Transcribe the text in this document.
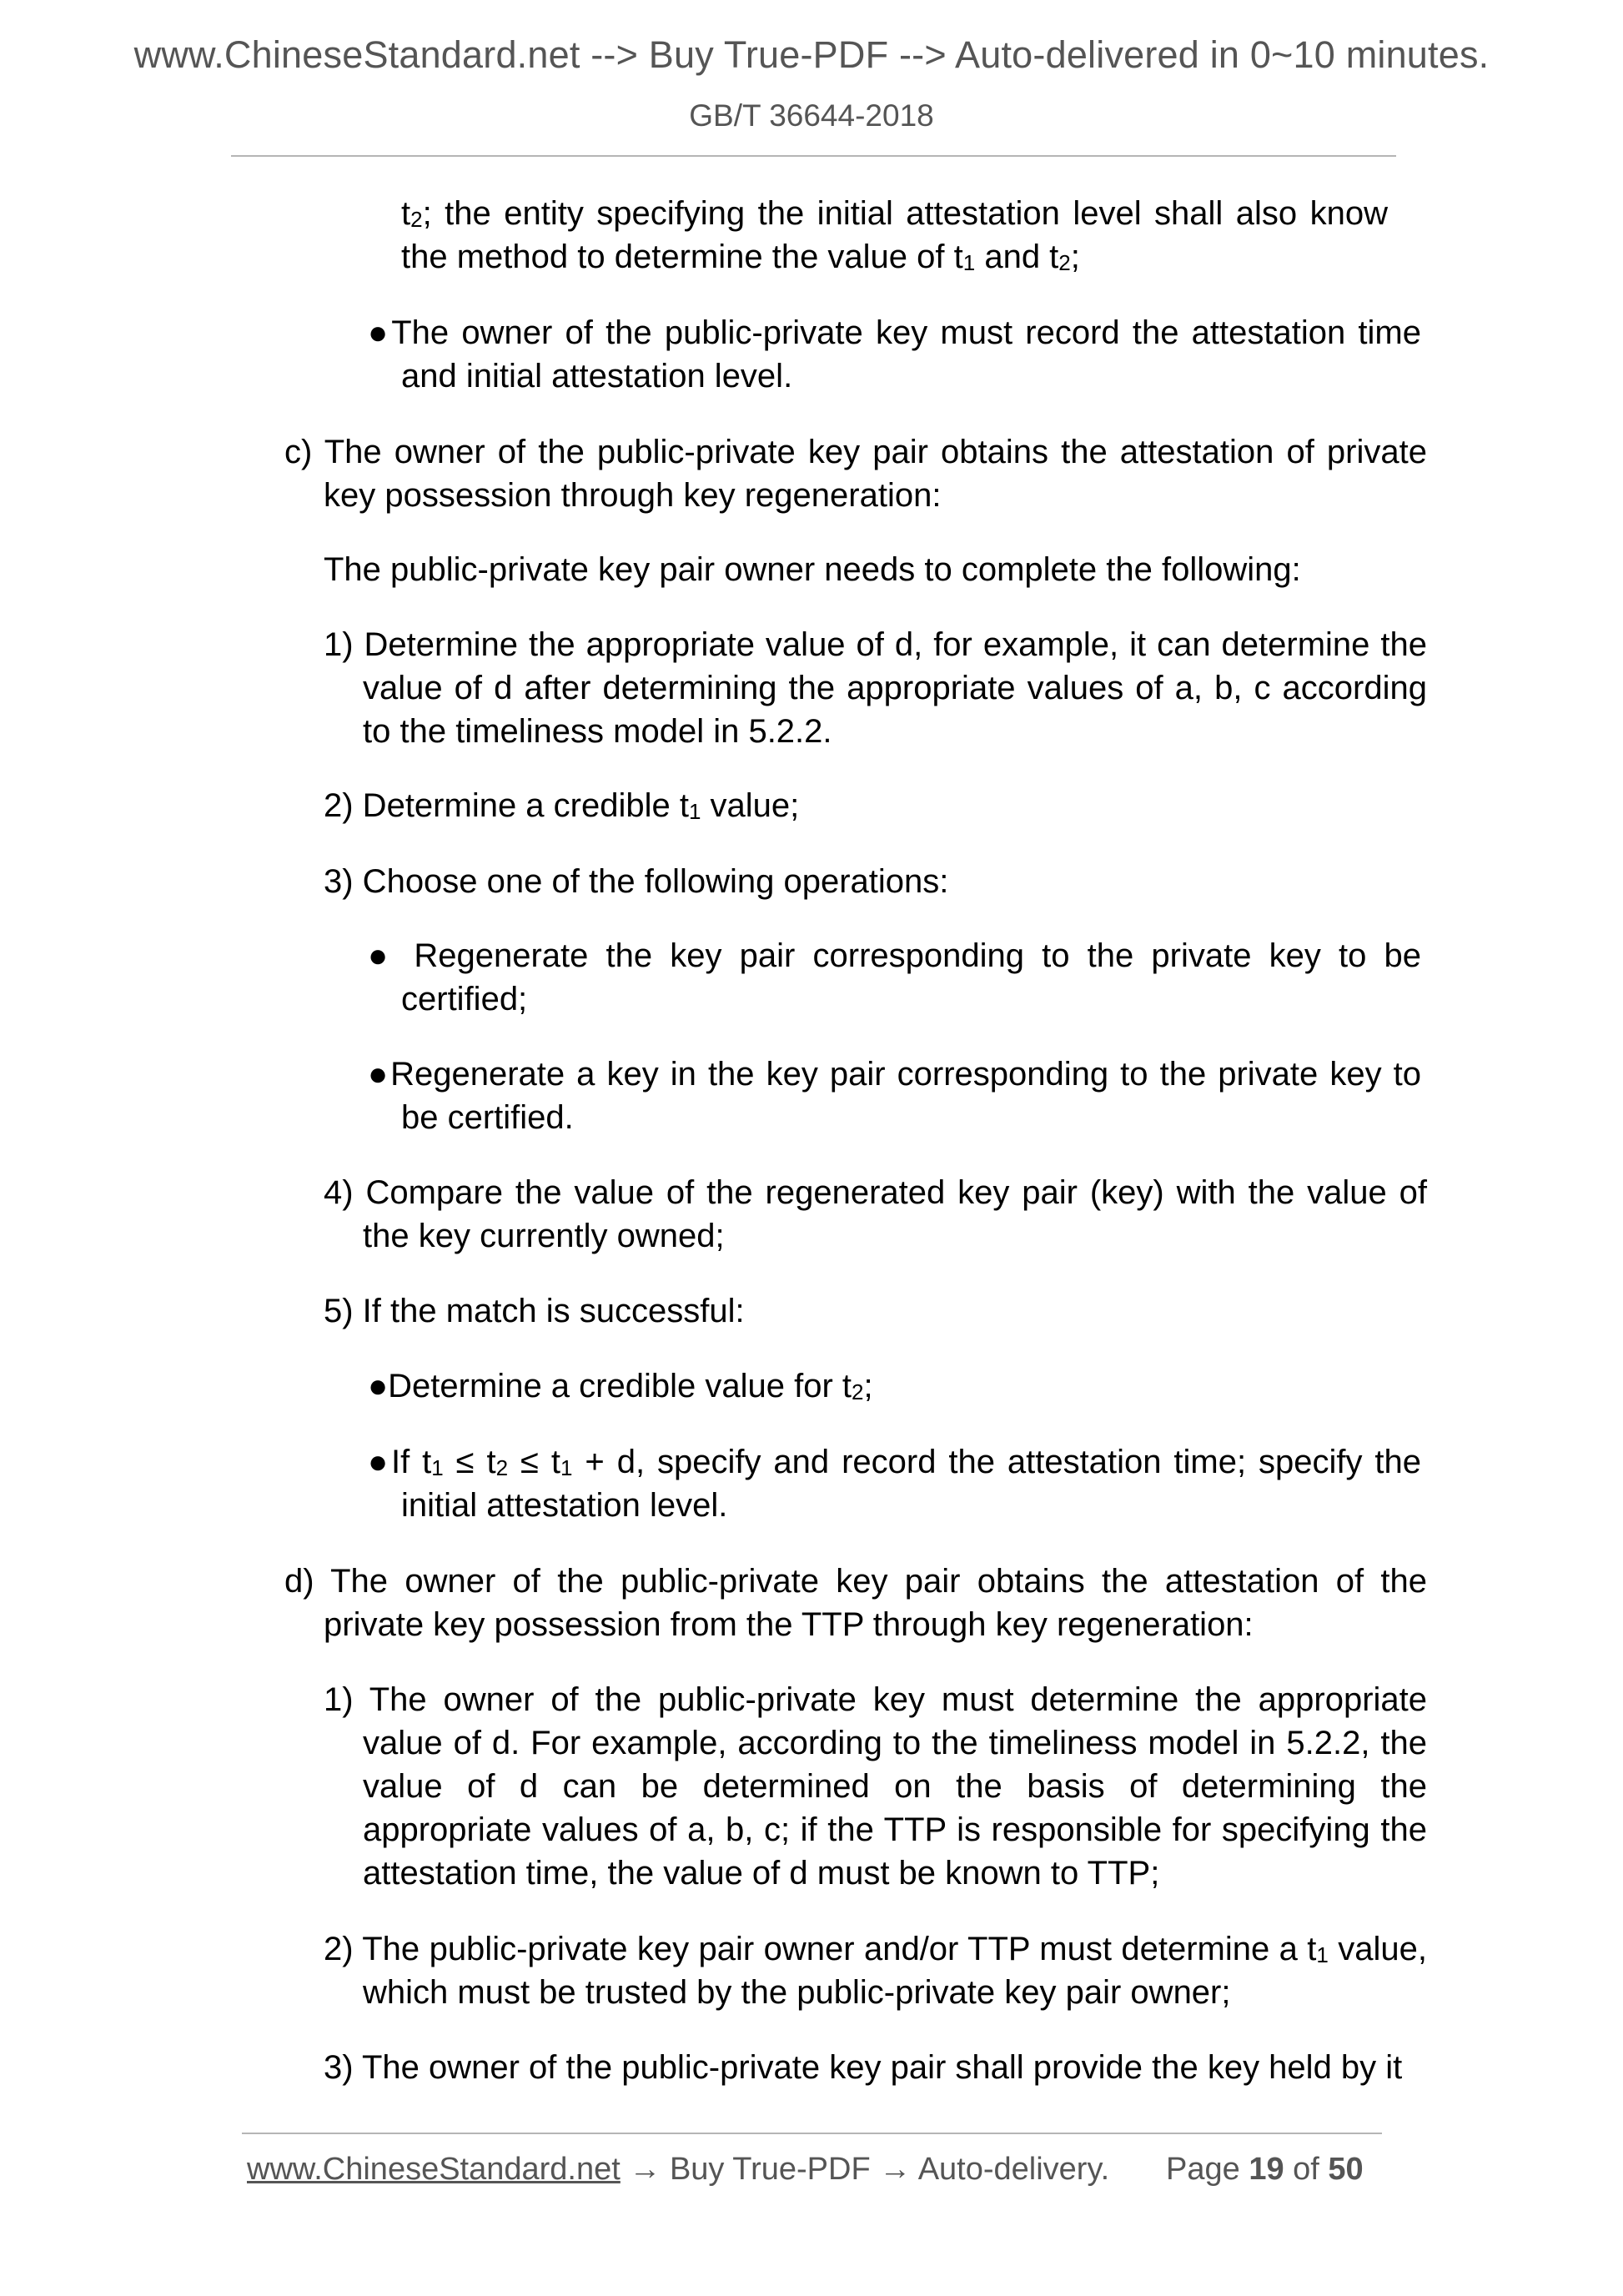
www.ChineseStandard.net --> Buy True-PDF --> Auto-delivered in 0~10 minutes.
GB/T 36644-2018

$t_2$; the entity specifying the initial attestation level shall also know the method to determine the value of $t_1$ and $t_2$;

●The owner of the public-private key must record the attestation time and initial attestation level.

c) The owner of the public-private key pair obtains the attestation of private key possession through key regeneration:

The public-private key pair owner needs to complete the following:

1) Determine the appropriate value of d, for example, it can determine the value of d after determining the appropriate values of a, b, c according to the timeliness model in 5.2.2.

2) Determine a credible $t_1$ value;

3) Choose one of the following operations:

● Regenerate the key pair corresponding to the private key to be certified;

●Regenerate a key in the key pair corresponding to the private key to be certified.

4) Compare the value of the regenerated key pair (key) with the value of the key currently owned;

5) If the match is successful:

●Determine a credible value for $t_2$;

●If $t_1 \le t_2 \le t_1 + d$, specify and record the attestation time; specify the initial attestation level.

d) The owner of the public-private key pair obtains the attestation of the private key possession from the TTP through key regeneration:

1) The owner of the public-private key must determine the appropriate value of d. For example, according to the timeliness model in 5.2.2, the value of d can be determined on the basis of determining the appropriate values of a, b, c; if the TTP is responsible for specifying the attestation time, the value of d must be known to TTP;

2) The public-private key pair owner and/or TTP must determine a $t_1$ value, which must be trusted by the public-private key pair owner;

3) The owner of the public-private key pair shall provide the key held by it

www.ChineseStandard.net → Buy True-PDF → Auto-delivery. Page 19 of 50
